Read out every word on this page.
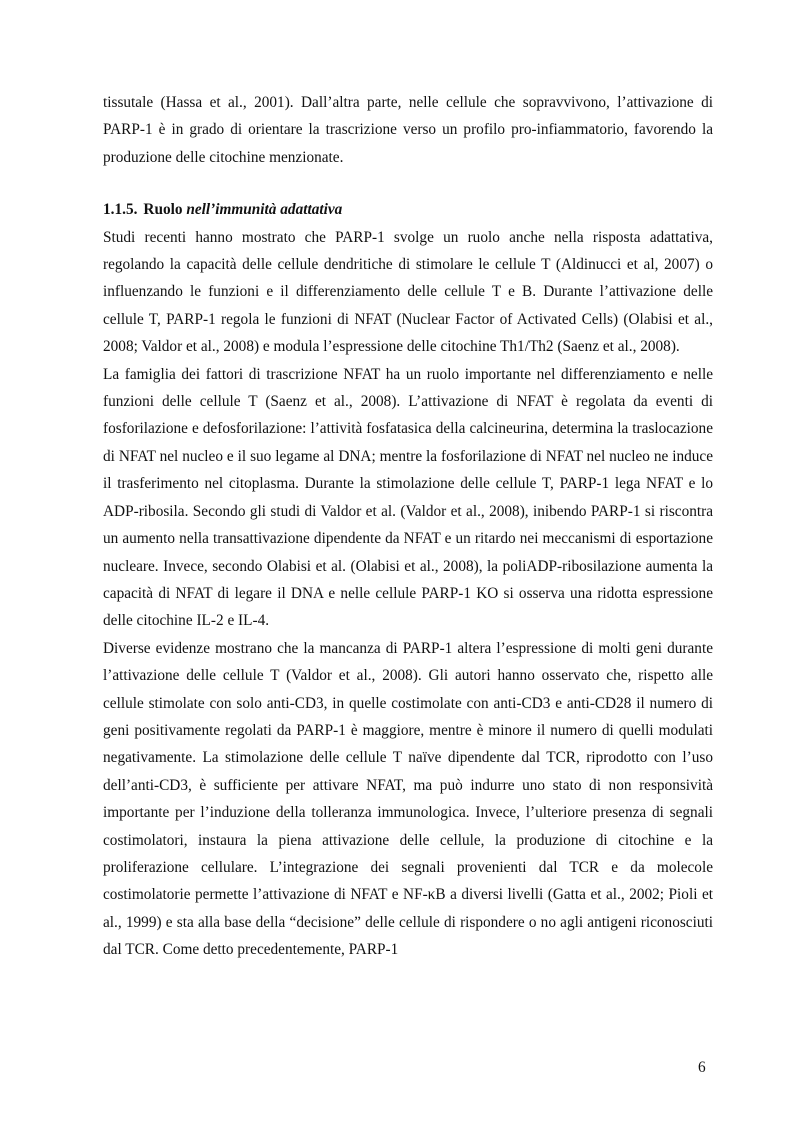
tissutale (Hassa et al., 2001). Dall’altra parte, nelle cellule che sopravvivono, l’attivazione di PARP-1 è in grado di orientare la trascrizione verso un profilo pro-infiammatorio, favorendo la produzione delle citochine menzionate.

1.1.5. Ruolo nell’immunità adattativa

Studi recenti hanno mostrato che PARP-1 svolge un ruolo anche nella risposta adattativa, regolando la capacità delle cellule dendritiche di stimolare le cellule T (Aldinucci et al, 2007) o influenzando le funzioni e il differenziamento delle cellule T e B. Durante l’attivazione delle cellule T, PARP-1 regola le funzioni di NFAT (Nuclear Factor of Activated Cells) (Olabisi et al., 2008; Valdor et al., 2008) e modula l’espressione delle citochine Th1/Th2 (Saenz et al., 2008).

La famiglia dei fattori di trascrizione NFAT ha un ruolo importante nel differenziamento e nelle funzioni delle cellule T (Saenz et al., 2008). L’attivazione di NFAT è regolata da eventi di fosforilazione e defosforilazione: l’attività fosfatasica della calcineurina, determina la traslocazione di NFAT nel nucleo e il suo legame al DNA; mentre la fosforilazione di NFAT nel nucleo ne induce il trasferimento nel citoplasma. Durante la stimolazione delle cellule T, PARP-1 lega NFAT e lo ADP-ribosila. Secondo gli studi di Valdor et al. (Valdor et al., 2008), inibendo PARP-1 si riscontra un aumento nella transattivazione dipendente da NFAT e un ritardo nei meccanismi di esportazione nucleare. Invece, secondo Olabisi et al. (Olabisi et al., 2008), la poliADP-ribosilazione aumenta la capacità di NFAT di legare il DNA e nelle cellule PARP-1 KO si osserva una ridotta espressione delle citochine IL-2 e IL-4.

Diverse evidenze mostrano che la mancanza di PARP-1 altera l’espressione di molti geni durante l’attivazione delle cellule T (Valdor et al., 2008). Gli autori hanno osservato che, rispetto alle cellule stimolate con solo anti-CD3, in quelle costimolate con anti-CD3 e anti-CD28 il numero di geni positivamente regolati da PARP-1 è maggiore, mentre è minore il numero di quelli modulati negativamente. La stimolazione delle cellule T naïve dipendente dal TCR, riprodotto con l’uso dell’anti-CD3, è sufficiente per attivare NFAT, ma può indurre uno stato di non responsività importante per l’induzione della tolleranza immunologica. Invece, l’ulteriore presenza di segnali costimolatori, instaura la piena attivazione delle cellule, la produzione di citochine e la proliferazione cellulare. L’integrazione dei segnali provenienti dal TCR e da molecole costimolatorie permette l’attivazione di NFAT e NF-κB a diversi livelli (Gatta et al., 2002; Pioli et al., 1999) e sta alla base della “decisione” delle cellule di rispondere o no agli antigeni riconosciuti dal TCR. Come detto precedentemente, PARP-1

6
